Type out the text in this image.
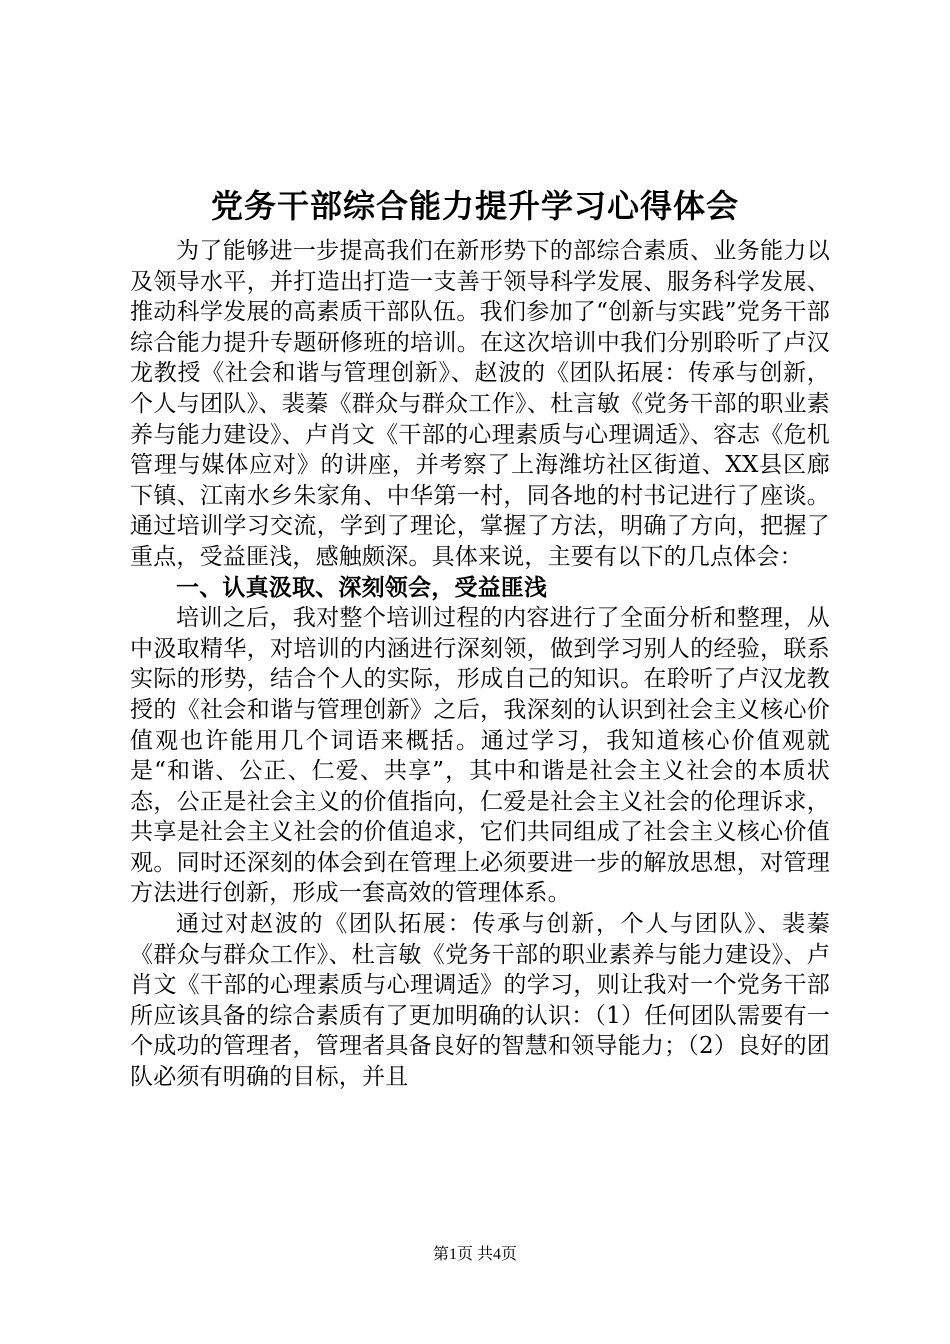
党务干部综合能力提升学习心得体会

为了能够进一步提高我们在新形势下的部综合素质、业务能力以及领导水平，并打造出打造一支善于领导科学发展、服务科学发展、推动科学发展的高素质干部队伍。我们参加了“创新与实践”党务干部综合能力提升专题研修班的培训。在这次培训中我们分别聆听了卢汉龙教授《社会和谐与管理创新》、赵波的《团队拓展：传承与创新，个人与团队》、裴蓁《群众与群众工作》、杜言敏《党务干部的职业素养与能力建设》、卢肖文《干部的心理素质与心理调适》、容志《危机管理与媒体应对》的讲座，并考察了上海潍坊社区街道、XX县区廊下镇、江南水乡朱家角、中华第一村，同各地的村书记进行了座谈。通过培训学习交流，学到了理论，掌握了方法，明确了方向，把握了重点，受益匪浅，感触颇深。具体来说，主要有以下的几点体会：

一、认真汲取、深刻领会，受益匪浅

培训之后，我对整个培训过程的内容进行了全面分析和整理，从中汲取精华，对培训的内涵进行深刻领，做到学习别人的经验，联系实际的形势，结合个人的实际，形成自己的知识。在聆听了卢汉龙教授的《社会和谐与管理创新》之后，我深刻的认识到社会主义核心价值观也许能用几个词语来概括。通过学习，我知道核心价值观就是“和谐、公正、仁爱、共享”，其中和谐是社会主义社会的本质状态，公正是社会主义的价值指向，仁爱是社会主义社会的伦理诉求，共享是社会主义社会的价值追求，它们共同组成了社会主义核心价值观。同时还深刻的体会到在管理上必须要进一步的解放思想，对管理方法进行创新，形成一套高效的管理体系。

通过对赵波的《团队拓展：传承与创新，个人与团队》、裴蓁《群众与群众工作》、杜言敏《党务干部的职业素养与能力建设》、卢肖文《干部的心理素质与心理调适》的学习，则让我对一个党务干部所应该具备的综合素质有了更加明确的认识：（1）任何团队需要有一个成功的管理者，管理者具备良好的智慧和领导能力；（2）良好的团队必须有明确的目标，并且

第1页 共4页
